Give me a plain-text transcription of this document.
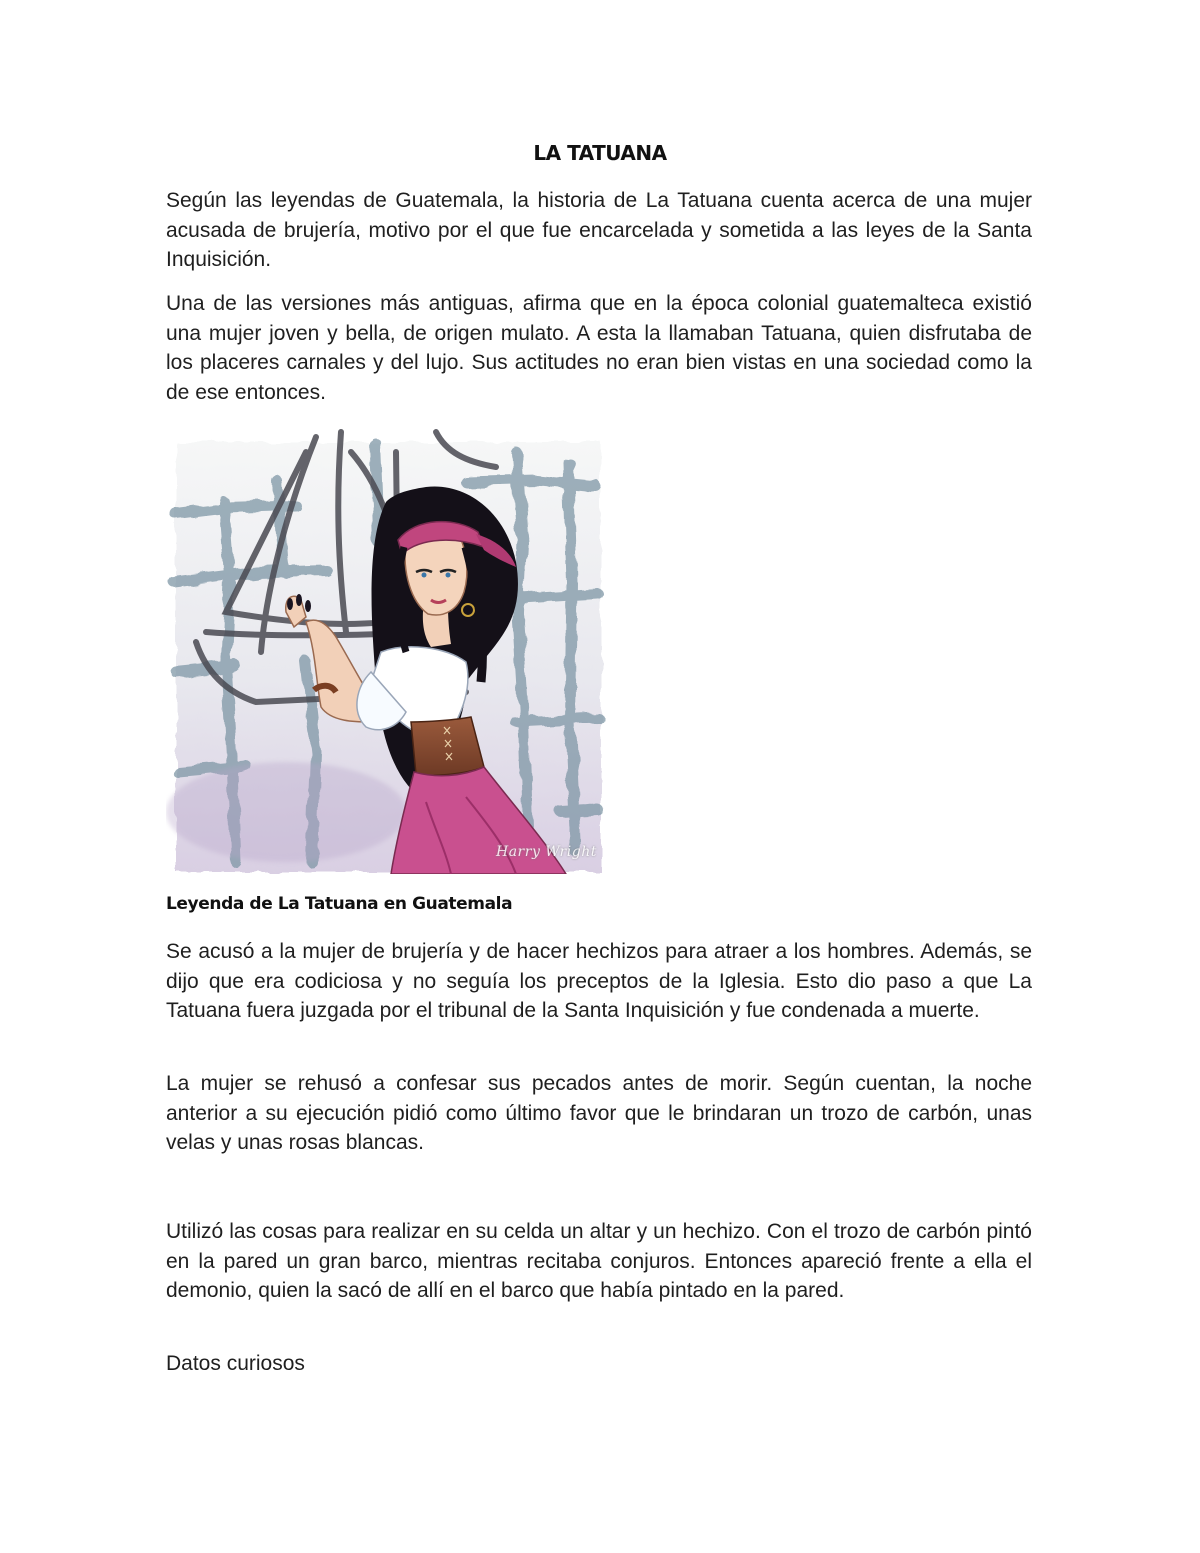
LA TATUANA

Según las leyendas de Guatemala, la historia de La Tatuana cuenta acerca de una mujer acusada de brujería, motivo por el que fue encarcelada y sometida a las leyes de la Santa Inquisición.

Una de las versiones más antiguas, afirma que en la época colonial guatemalteca existió una mujer joven y bella, de origen mulato. A esta la llamaban Tatuana, quien disfrutaba de los placeres carnales y del lujo. Sus actitudes no eran bien vistas en una sociedad como la de ese entonces.

Harry Wright
Leyenda de La Tatuana en Guatemala

Se acusó a la mujer de brujería y de hacer hechizos para atraer a los hombres. Además, se dijo que era codiciosa y no seguía los preceptos de la Iglesia. Esto dio paso a que La Tatuana fuera juzgada por el tribunal de la Santa Inquisición y fue condenada a muerte.

La mujer se rehusó a confesar sus pecados antes de morir. Según cuentan, la noche anterior a su ejecución pidió como último favor que le brindaran un trozo de carbón, unas velas y unas rosas blancas.

Utilizó las cosas para realizar en su celda un altar y un hechizo. Con el trozo de carbón pintó en la pared un gran barco, mientras recitaba conjuros. Entonces apareció frente a ella el demonio, quien la sacó de allí en el barco que había pintado en la pared.

Datos curiosos
